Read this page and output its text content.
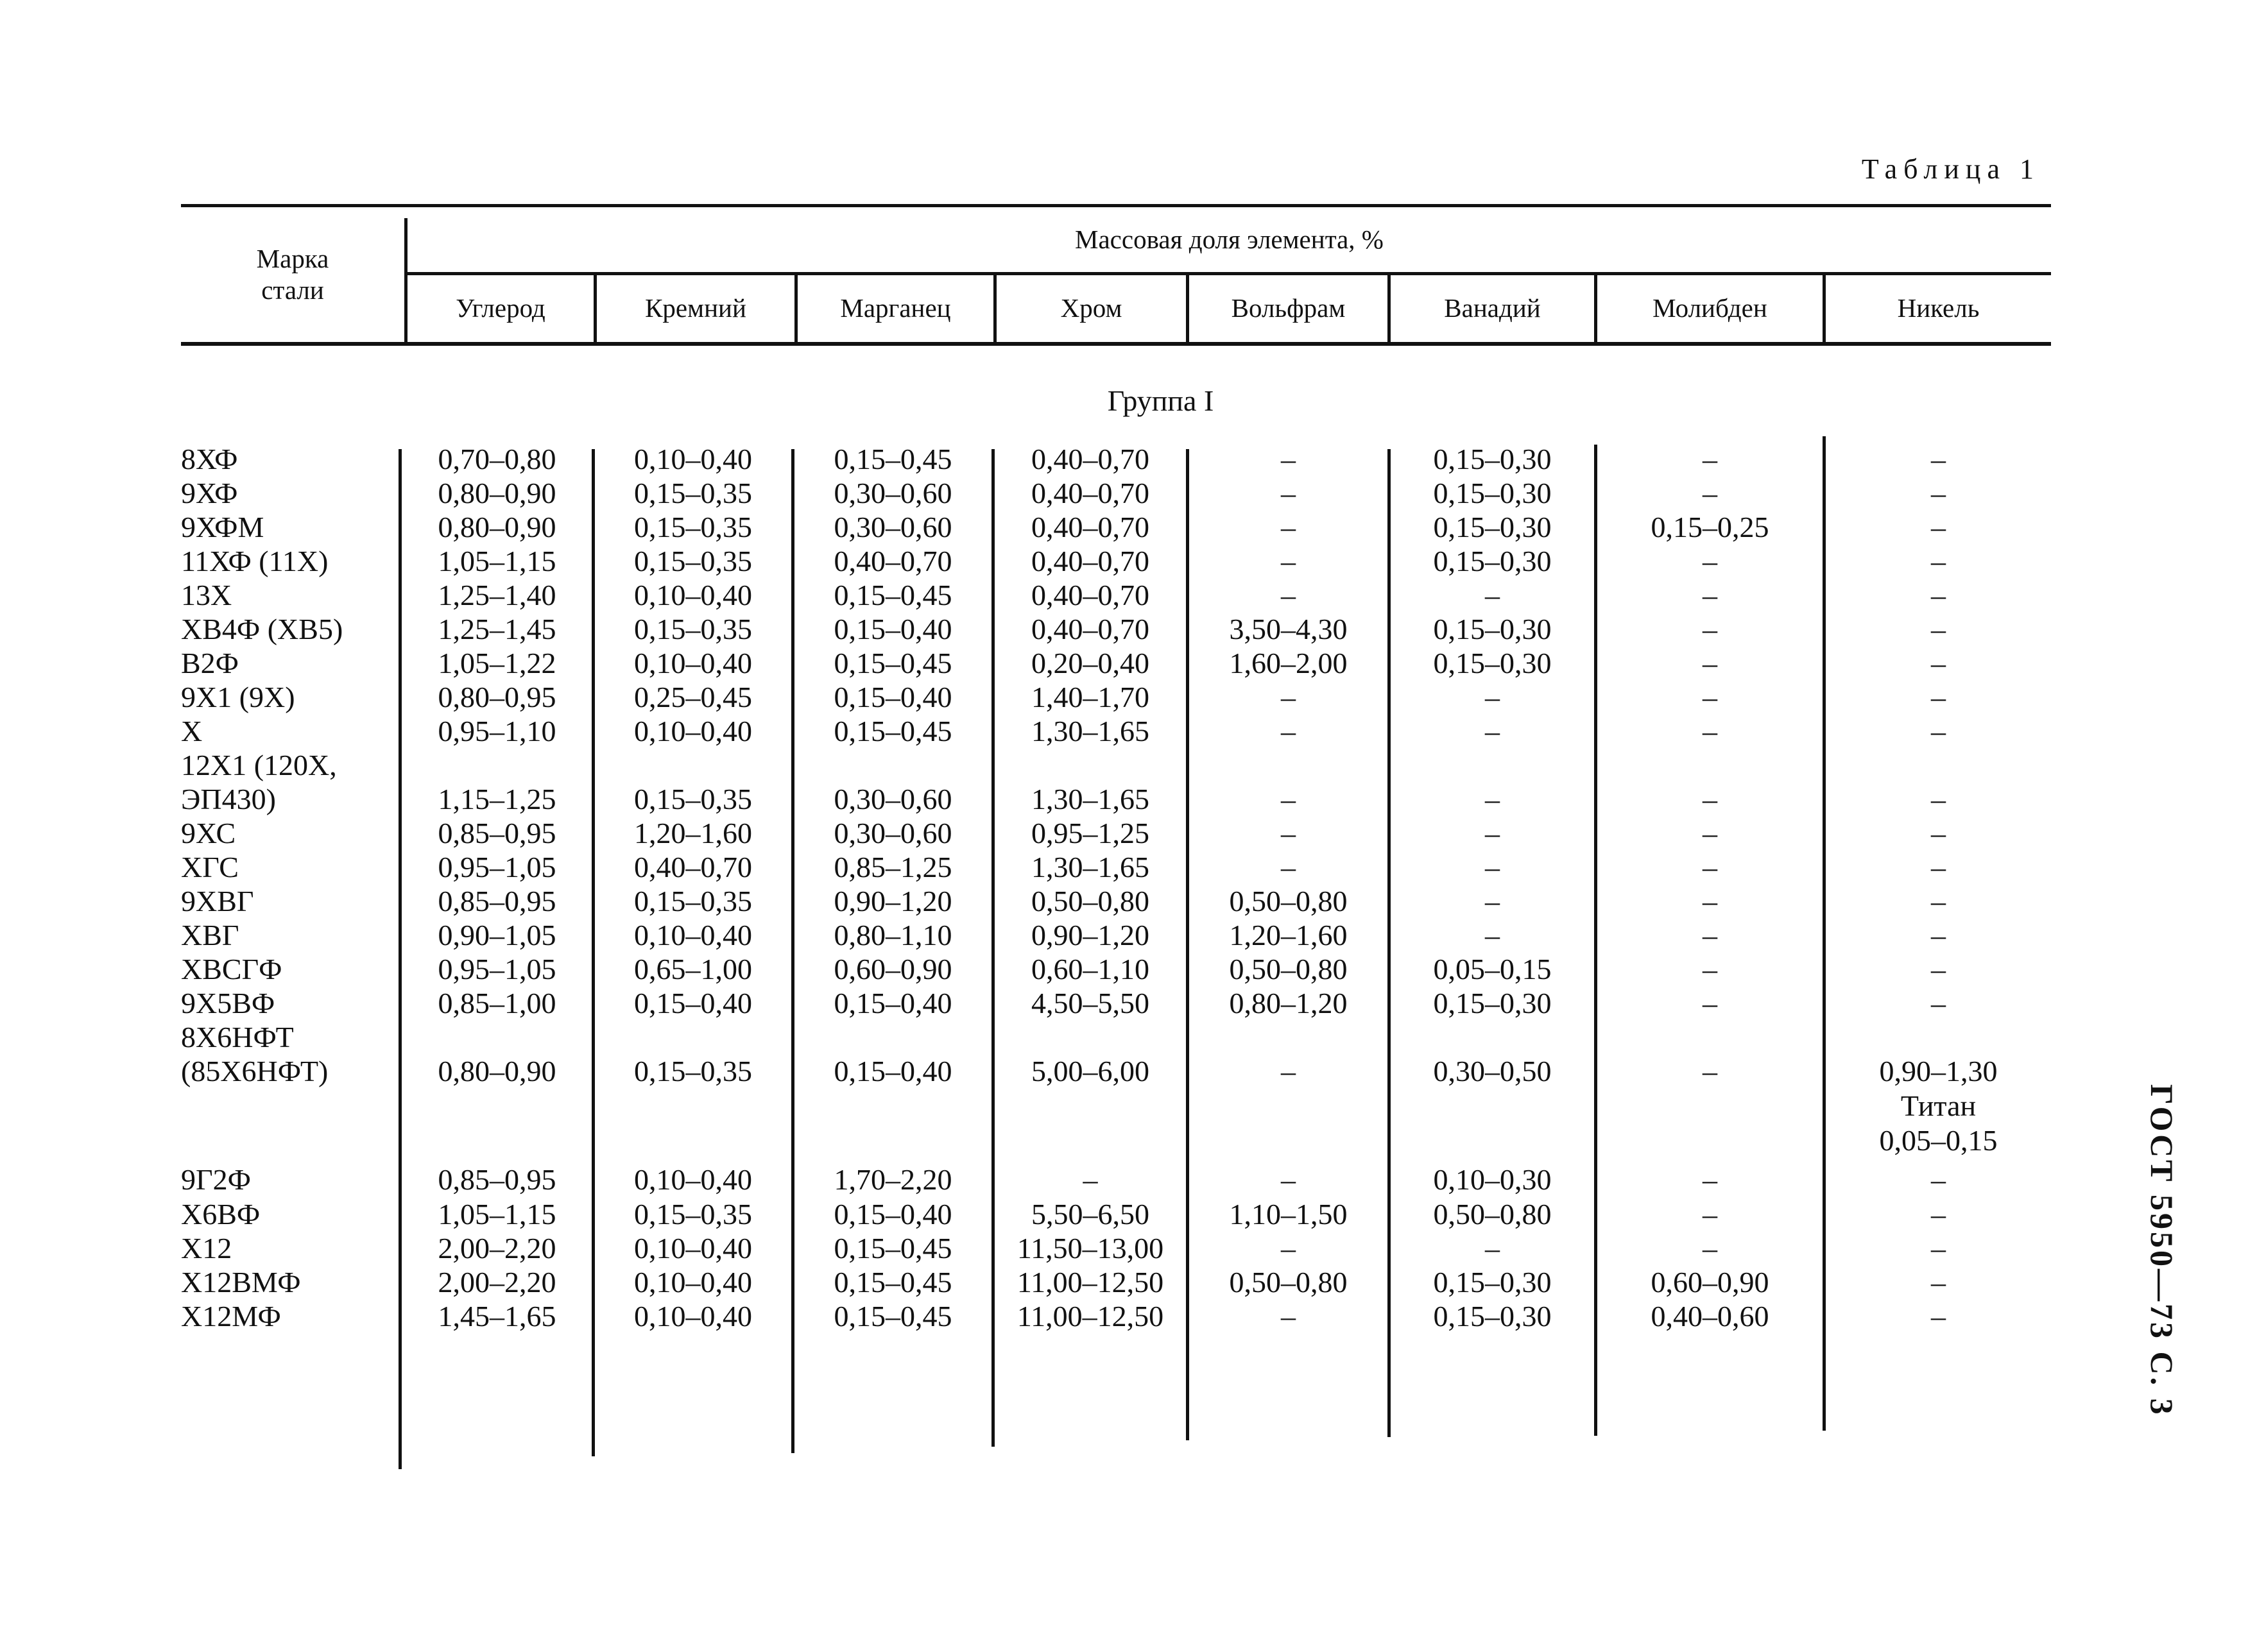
Таблица 1
Марка
стали
Массовая доля элемента, %
Углерод	Кремний	Марганец	Хром	Вольфрам	Ванадий	Молибден	Никель
Группа I
8ХФ	0,70–0,80	0,10–0,40	0,15–0,45	0,40–0,70	–	0,15–0,30	–	–
9ХФ	0,80–0,90	0,15–0,35	0,30–0,60	0,40–0,70	–	0,15–0,30	–	–
9ХФМ	0,80–0,90	0,15–0,35	0,30–0,60	0,40–0,70	–	0,15–0,30	0,15–0,25	–
11ХФ (11Х)	1,05–1,15	0,15–0,35	0,40–0,70	0,40–0,70	–	0,15–0,30	–	–
13Х	1,25–1,40	0,10–0,40	0,15–0,45	0,40–0,70	–	–	–	–
ХВ4Ф (ХВ5)	1,25–1,45	0,15–0,35	0,15–0,40	0,40–0,70	3,50–4,30	0,15–0,30	–	–
В2Ф	1,05–1,22	0,10–0,40	0,15–0,45	0,20–0,40	1,60–2,00	0,15–0,30	–	–
9Х1 (9Х)	0,80–0,95	0,25–0,45	0,15–0,40	1,40–1,70	–	–	–	–
Х	0,95–1,10	0,10–0,40	0,15–0,45	1,30–1,65	–	–	–	–
12Х1 (120Х,
ЭП430)	1,15–1,25	0,15–0,35	0,30–0,60	1,30–1,65	–	–	–	–
9ХС	0,85–0,95	1,20–1,60	0,30–0,60	0,95–1,25	–	–	–	–
ХГС	0,95–1,05	0,40–0,70	0,85–1,25	1,30–1,65	–	–	–	–
9ХВГ	0,85–0,95	0,15–0,35	0,90–1,20	0,50–0,80	0,50–0,80	–	–	–
ХВГ	0,90–1,05	0,10–0,40	0,80–1,10	0,90–1,20	1,20–1,60	–	–	–
ХВСГФ	0,95–1,05	0,65–1,00	0,60–0,90	0,60–1,10	0,50–0,80	0,05–0,15	–	–
9Х5ВФ	0,85–1,00	0,15–0,40	0,15–0,40	4,50–5,50	0,80–1,20	0,15–0,30	–	–
8Х6НФТ
(85Х6НФТ)	0,80–0,90	0,15–0,35	0,15–0,40	5,00–6,00	–	0,30–0,50	–	0,90–1,30
Титан
0,05–0,15
9Г2Ф	0,85–0,95	0,10–0,40	1,70–2,20	–	–	0,10–0,30	–	–
Х6ВФ	1,05–1,15	0,15–0,35	0,15–0,40	5,50–6,50	1,10–1,50	0,50–0,80	–	–
Х12	2,00–2,20	0,10–0,40	0,15–0,45	11,50–13,00	–	–	–	–
Х12ВМФ	2,00–2,20	0,10–0,40	0,15–0,45	11,00–12,50	0,50–0,80	0,15–0,30	0,60–0,90	–
Х12МФ	1,45–1,65	0,10–0,40	0,15–0,45	11,00–12,50	–	0,15–0,30	0,40–0,60	–	ГОСТ 5950—73 С. 3
